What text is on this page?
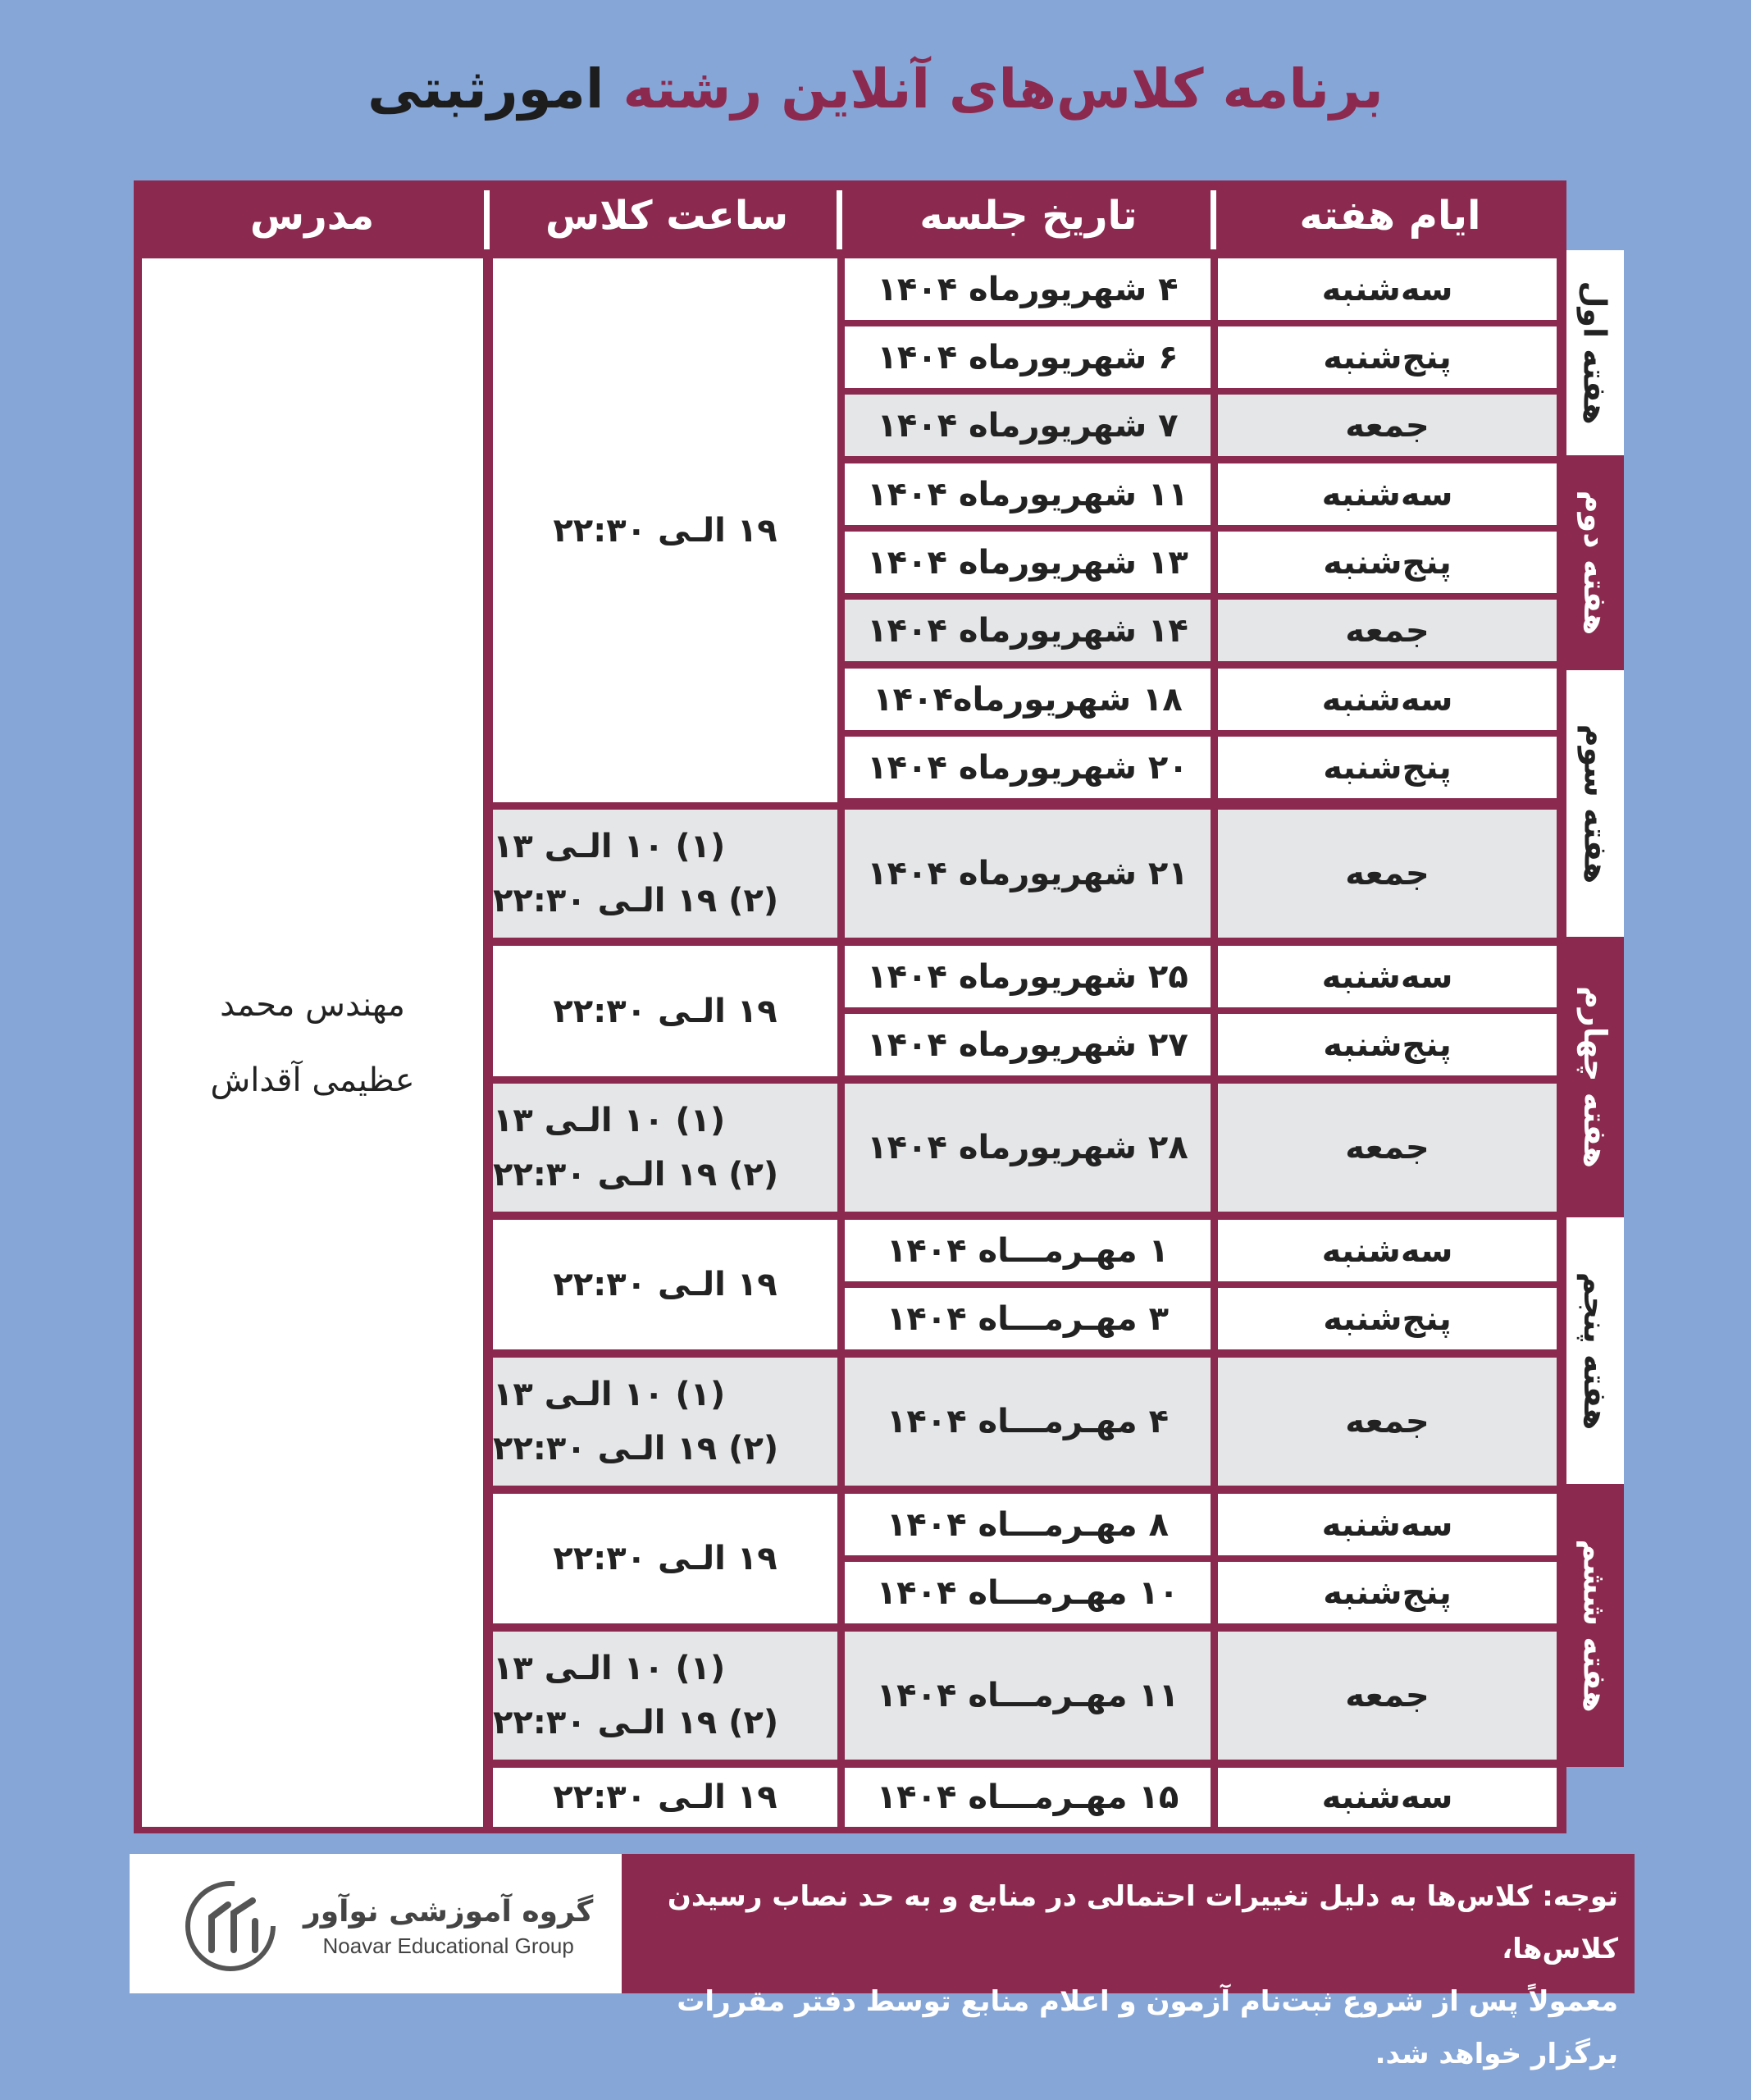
برنامه کلاس‌های آنلاین رشته امورثبتی
ایام هفته
تاریخ جلسه
ساعت کلاس
مدرس
مهندس محمد
عظیمی آقداش
سه‌شنبه
۴ شهریورماه ۱۴۰۴
پنج‌شنبه
۶ شهریورماه ۱۴۰۴
جمعه
۷ شهریورماه ۱۴۰۴
سه‌شنبه
۱۱ شهریورماه ۱۴۰۴
پنج‌شنبه
۱۳ شهریورماه ۱۴۰۴
جمعه
۱۴ شهریورماه ۱۴۰۴
سه‌شنبه
۱۸ شهریورماه۱۴۰۴
پنج‌شنبه
۲۰ شهریورماه ۱۴۰۴
جمعه
۲۱ شهریورماه ۱۴۰۴
سه‌شنبه
۲۵ شهریورماه ۱۴۰۴
پنج‌شنبه
۲۷ شهریورماه ۱۴۰۴
جمعه
۲۸ شهریورماه ۱۴۰۴
سه‌شنبه
۱ مهـرمـــاه ۱۴۰۴
پنج‌شنبه
۳ مهـرمـــاه ۱۴۰۴
جمعه
۴ مهـرمـــاه ۱۴۰۴
سه‌شنبه
۸ مهـرمـــاه ۱۴۰۴
پنج‌شنبه
۱۰ مهـرمـــاه ۱۴۰۴
جمعه
۱۱ مهـرمـــاه ۱۴۰۴
سه‌شنبه
۱۵ مهـرمـــاه ۱۴۰۴
۱۹ الـی ۲۲:۳۰
(۱) ۱۰ الـی ۱۳
(۲) ۱۹ الـی ۲۲:۳۰
۱۹ الـی ۲۲:۳۰
(۱) ۱۰ الـی ۱۳
(۲) ۱۹ الـی ۲۲:۳۰
۱۹ الـی ۲۲:۳۰
(۱) ۱۰ الـی ۱۳
(۲) ۱۹ الـی ۲۲:۳۰
۱۹ الـی ۲۲:۳۰
(۱) ۱۰ الـی ۱۳
(۲) ۱۹ الـی ۲۲:۳۰
۱۹ الـی ۲۲:۳۰
هفته اول
هفته دوم
هفته سوم
هفته چهارم
هفته پنجم
هفته ششم
گروه آموزشی نوآور
Noavar Educational Group
توجه: کلاس‌ها به دلیل تغییرات احتمالی در منابع و به حد نصاب رسیدن کلاس‌ها،
معمولاً پس از شروع ثبت‌نام آزمون و اعلام منابع توسط دفتر مقررات برگزار خواهد شد.
